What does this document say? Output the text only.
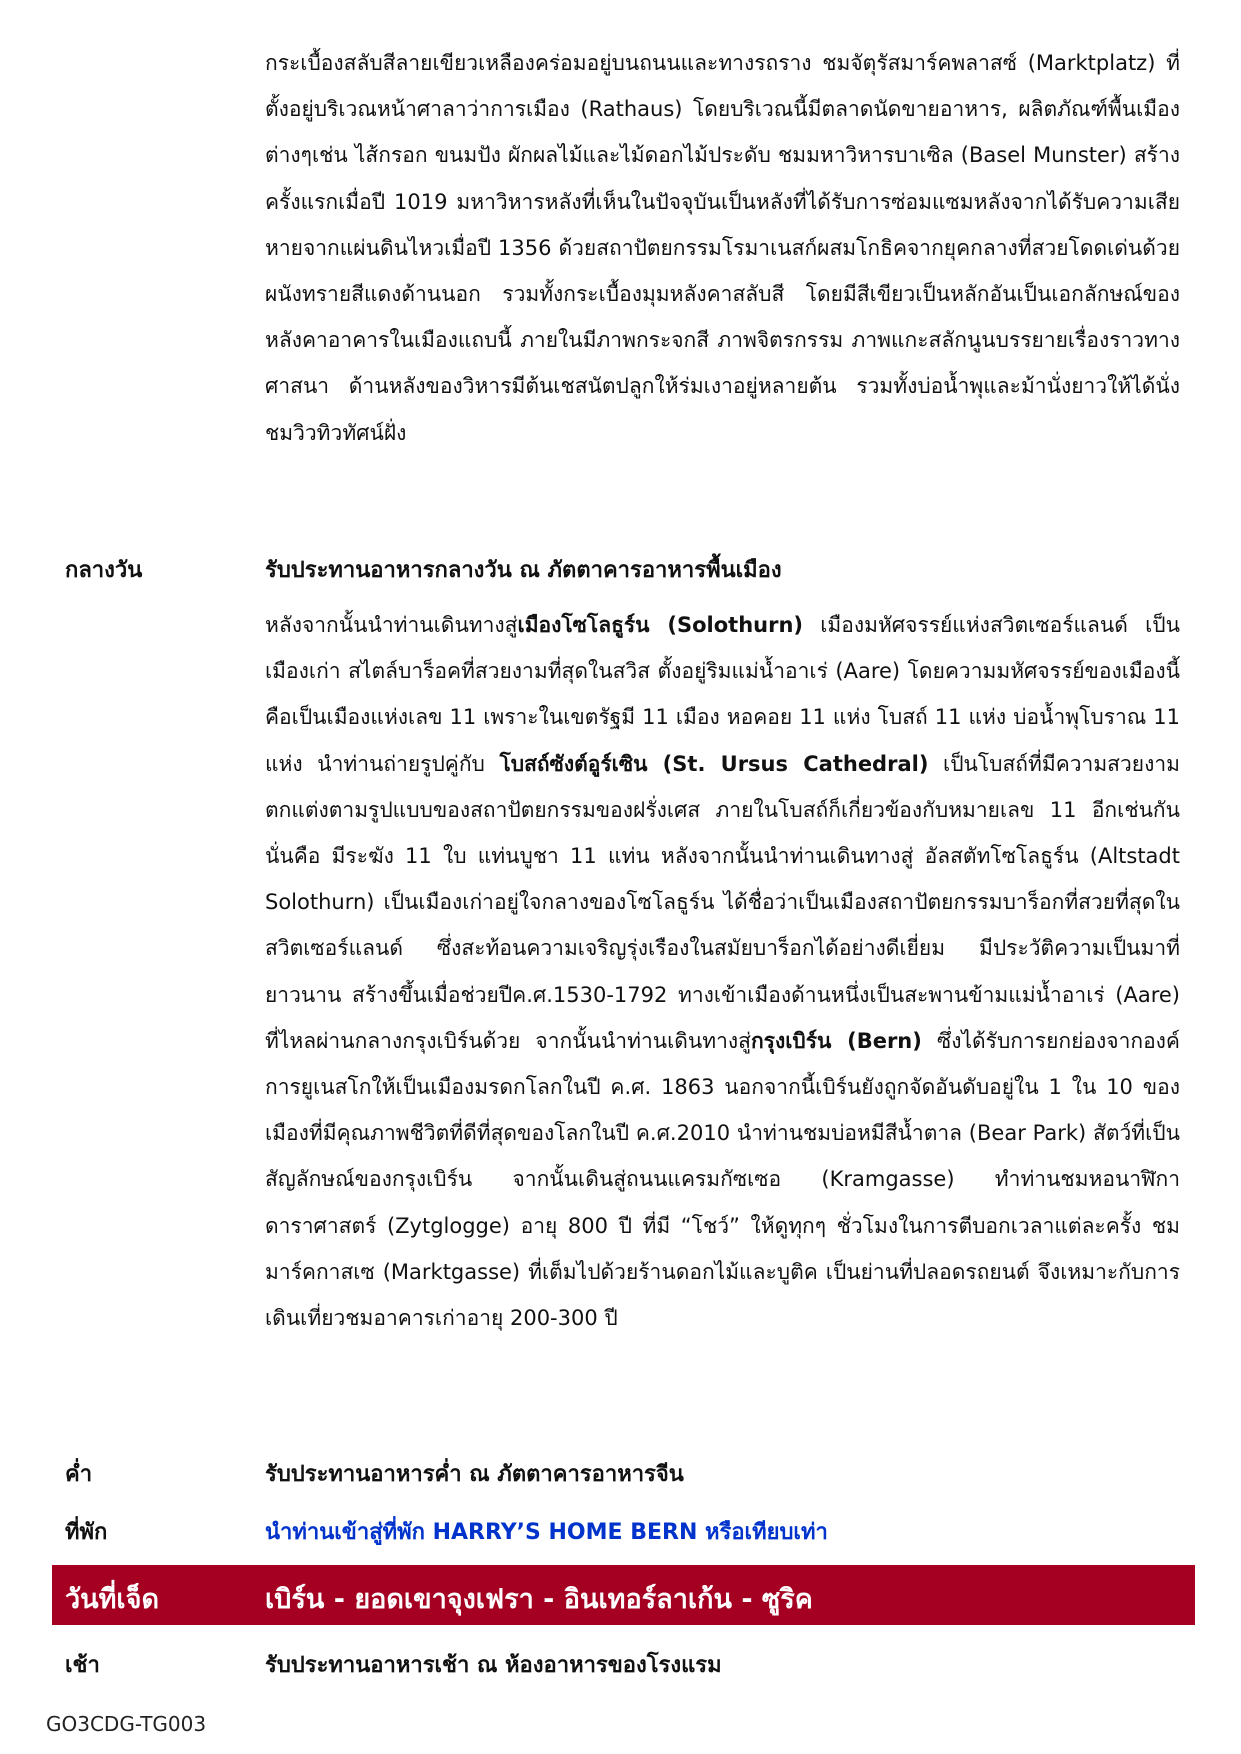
กระเบื้องสลับสีลายเขียวเหลืองคร่อมอยู่บนถนนและทางรถราง ชมจัตุรัสมาร์คพลาสซ์ (Marktplatz) ที่ตั้งอยู่บริเวณหน้าศาลาว่าการเมือง (Rathaus) โดยบริเวณนี้มีตลาดนัดขายอาหาร, ผลิตภัณฑ์พื้นเมืองต่างๆเช่น ไส้กรอก ขนมปัง ผักผลไม้และไม้ดอกไม้ประดับ ชมมหาวิหารบาเซิล (Basel Munster) สร้างครั้งแรกเมื่อปี 1019 มหาวิหารหลังที่เห็นในปัจจุบันเป็นหลังที่ได้รับการซ่อมแซมหลังจากได้รับความเสียหายจากแผ่นดินไหวเมื่อปี 1356 ด้วยสถาปัตยกรรมโรมาเนสก์ผสมโกธิคจากยุคกลางที่สวยโดดเด่นด้วยผนังทรายสีแดงด้านนอก รวมทั้งกระเบื้องมุมหลังคาสลับสี โดยมีสีเขียวเป็นหลักอันเป็นเอกลักษณ์ของหลังคาอาคารในเมืองแถบนี้ ภายในมีภาพกระจกสี ภาพจิตรกรรม ภาพแกะสลักนูนบรรยายเรื่องราวทางศาสนา ด้านหลังของวิหารมีต้นเชสนัตปลูกให้ร่มเงาอยู่หลายต้น รวมทั้งบ่อน้ำพุและม้านั่งยาวให้ได้นั่งชมวิวทิวทัศน์ฝั่ง

กลางวัน	รับประทานอาหารกลางวัน ณ ภัตตาคารอาหารพื้นเมือง

หลังจากนั้นนำท่านเดินทางสู่เมืองโซโลธูร์น (Solothurn) เมืองมหัศจรรย์แห่งสวิตเซอร์แลนด์ เป็นเมืองเก่า สไตล์บาร็อคที่สวยงามที่สุดในสวิส ตั้งอยู่ริมแม่น้ำอาเร่ (Aare) โดยความมหัศจรรย์ของเมืองนี้ คือเป็นเมืองแห่งเลข 11 เพราะในเขตรัฐมี 11 เมือง หอคอย 11 แห่ง โบสถ์ 11 แห่ง บ่อน้ำพุโบราณ 11 แห่ง นำท่านถ่ายรูปคู่กับ โบสถ์ซังต์อูร์เซิน (St. Ursus Cathedral) เป็นโบสถ์ที่มีความสวยงาม ตกแต่งตามรูปแบบของสถาปัตยกรรมของฝรั่งเศส ภายในโบสถ์ก็เกี่ยวข้องกับหมายเลข 11 อีกเช่นกัน นั่นคือ มีระฆัง 11 ใบ แท่นบูชา 11 แท่น หลังจากนั้นนำท่านเดินทางสู่ อัลสตัทโซโลธูร์น (Altstadt Solothurn) เป็นเมืองเก่าอยู่ใจกลางของโซโลธูร์น ได้ชื่อว่าเป็นเมืองสถาปัตยกรรมบาร็อกที่สวยที่สุดในสวิตเซอร์แลนด์ ซึ่งสะท้อนความเจริญรุ่งเรืองในสมัยบาร็อกได้อย่างดีเยี่ยม มีประวัติความเป็นมาที่ยาวนาน สร้างขึ้นเมื่อช่วยปีค.ศ.1530-1792 ทางเข้าเมืองด้านหนึ่งเป็นสะพานข้ามแม่น้ำอาเร่ (Aare) ที่ไหลผ่านกลางกรุงเบิร์นด้วย จากนั้นนำท่านเดินทางสู่กรุงเบิร์น (Bern) ซึ่งได้รับการยกย่องจากองค์การยูเนสโกให้เป็นเมืองมรดกโลกในปี ค.ศ. 1863 นอกจากนี้เบิร์นยังถูกจัดอันดับอยู่ใน 1 ใน 10 ของเมืองที่มีคุณภาพชีวิตที่ดีที่สุดของโลกในปี ค.ศ.2010 นำท่านชมบ่อหมีสีน้ำตาล (Bear Park) สัตว์ที่เป็นสัญลักษณ์ของกรุงเบิร์น จากนั้นเดินสู่ถนนแครมกัซเซอ (Kramgasse) ทำท่านชมหอนาฬิกาดาราศาสตร์ (Zytglogge) อายุ 800 ปี ที่มี “โชว์” ให้ดูทุกๆ ชั่วโมงในการตีบอกเวลาแต่ละครั้ง ชมมาร์คกาสเซ (Marktgasse) ที่เต็มไปด้วยร้านดอกไม้และบูติค เป็นย่านที่ปลอดรถยนต์ จึงเหมาะกับการเดินเที่ยวชมอาคารเก่าอายุ 200-300 ปี

ค่ำ	รับประทานอาหารค่ำ ณ ภัตตาคารอาหารจีน
ที่พัก	นำท่านเข้าสู่ที่พัก HARRY’S HOME BERN หรือเทียบเท่า
วันที่เจ็ด	เบิร์น - ยอดเขาจุงเฟรา - อินเทอร์ลาเก้น - ซูริค
เช้า	รับประทานอาหารเช้า ณ ห้องอาหารของโรงแรม
GO3CDG-TG003
